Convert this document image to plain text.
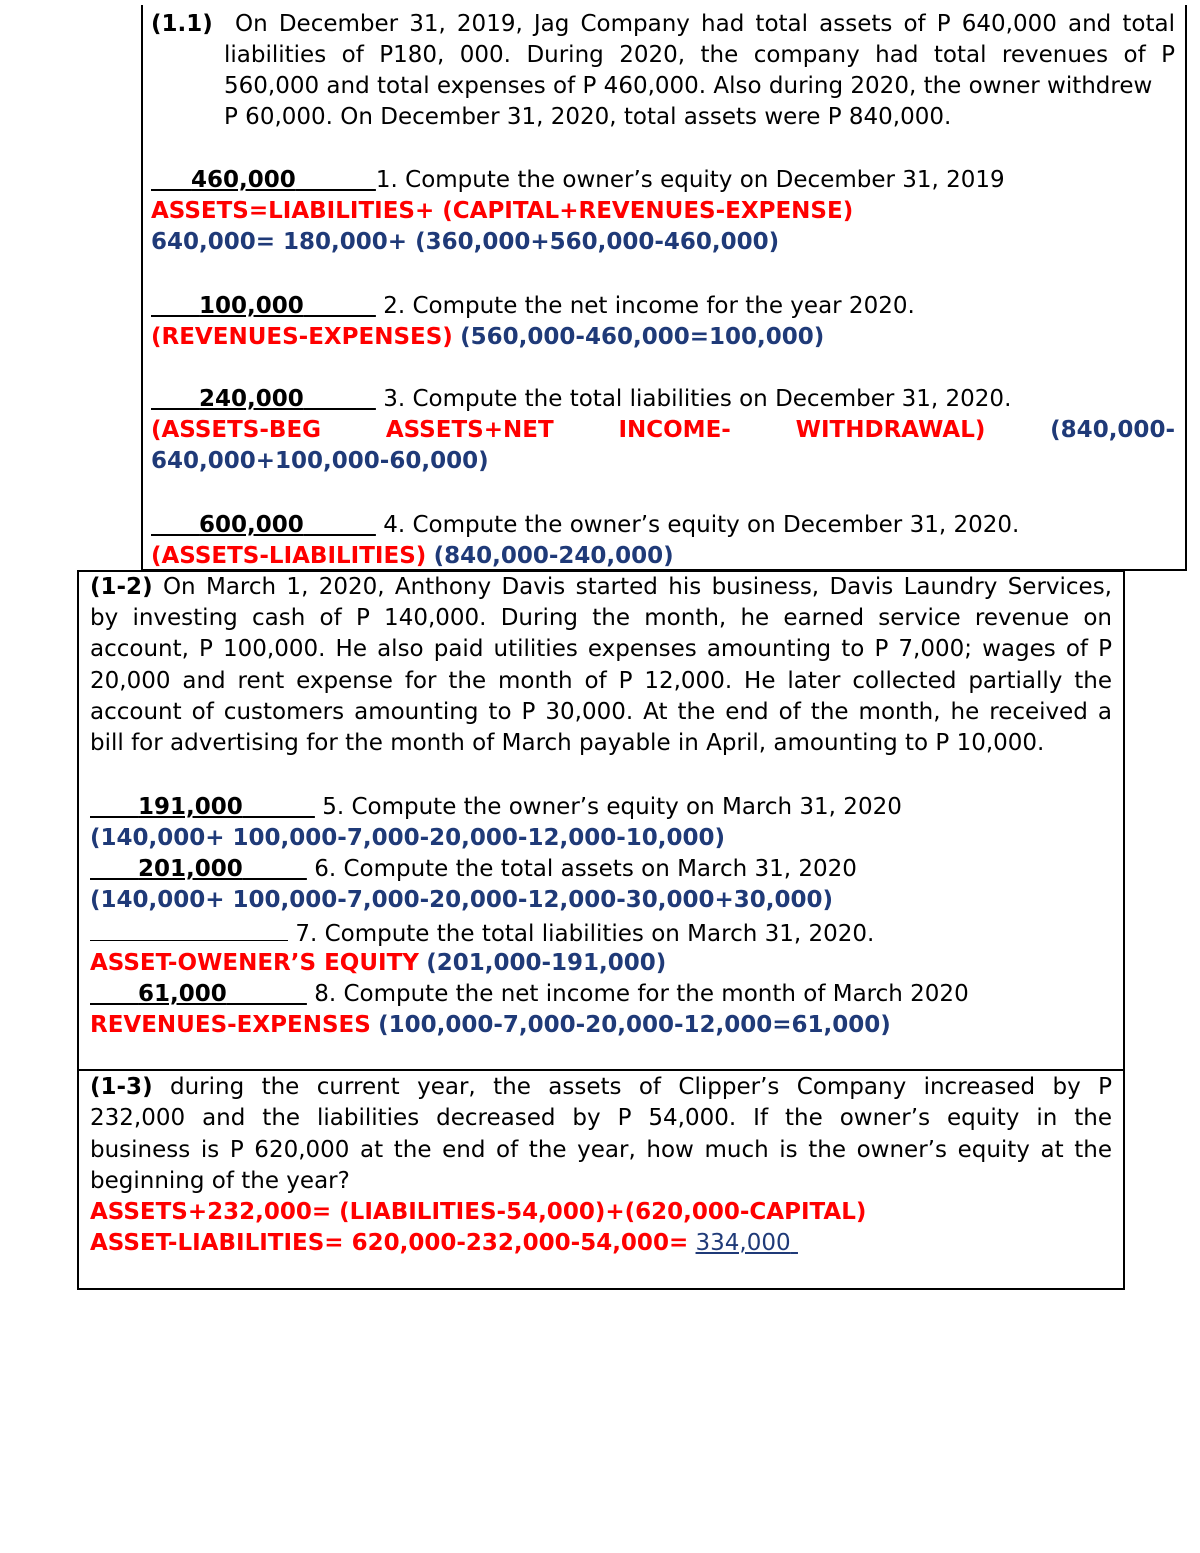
(1.1) On December 31, 2019, Jag Company had total assets of P 640,000 and total
liabilities of P180, 000. During 2020, the company had total revenues of P
560,000 and total expenses of P 460,000. Also during 2020, the owner withdrew
P 60,000. On December 31, 2020, total assets were P 840,000.
460,000	1. Compute the owner’s equity on December 31, 2019
ASSETS=LIABILITIES+ (CAPITAL+REVENUES-EXPENSE)
640,000= 180,000+ (360,000+560,000-460,000)
100,000	2. Compute the net income for the year 2020.
(REVENUES-EXPENSES) (560,000-460,000=100,000)
240,000	3. Compute the total liabilities on December 31, 2020.
(ASSETS-BEG	ASSETS+NET	INCOME-	WITHDRAWAL)	(840,000-
640,000+100,000-60,000)
600,000	4. Compute the owner’s equity on December 31, 2020.
(ASSETS-LIABILITIES) (840,000-240,000)
(1-2) On March 1, 2020, Anthony Davis started his business, Davis Laundry Services,
by investing cash of P 140,000. During the month, he earned service revenue on
account, P 100,000. He also paid utilities expenses amounting to P 7,000; wages of P
20,000 and rent expense for the month of P 12,000. He later collected partially the
account of customers amounting to P 30,000. At the end of the month, he received a
bill for advertising for the month of March payable in April, amounting to P 10,000.
191,000	5. Compute the owner’s equity on March 31, 2020
(140,000+ 100,000-7,000-20,000-12,000-10,000)
201,000	6. Compute the total assets on March 31, 2020
(140,000+ 100,000-7,000-20,000-12,000-30,000+30,000)
7. Compute the total liabilities on March 31, 2020.
ASSET-OWENER’S EQUITY (201,000-191,000)
61,000	8. Compute the net income for the month of March 2020
REVENUES-EXPENSES (100,000-7,000-20,000-12,000=61,000)
(1-3) during the current year, the assets of Clipper’s Company increased by P
232,000 and the liabilities decreased by P 54,000. If the owner’s equity in the
business is P 620,000 at the end of the year, how much is the owner’s equity at the
beginning of the year?
ASSETS+232,000= (LIABILITIES-54,000)+(620,000-CAPITAL)
ASSET-LIABILITIES= 620,000-232,000-54,000= 334,000
